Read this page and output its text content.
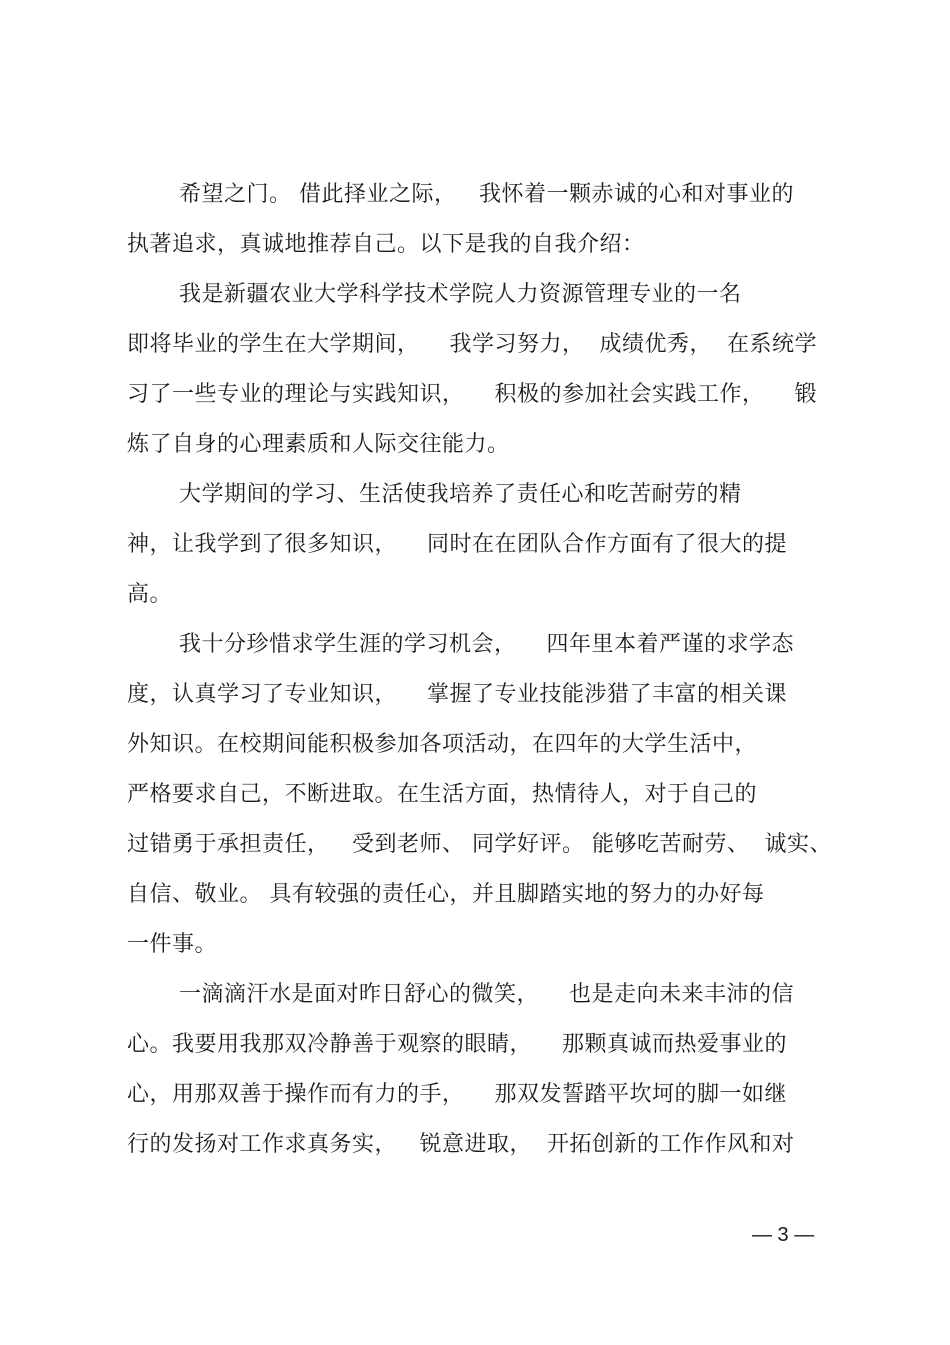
希望之门。 借此择业之际，   我怀着一颗赤诚的心和对事业的
执著追求，真诚地推荐自己。以下是我的自我介绍：
我是新疆农业大学科学技术学院人力资源管理专业的一名
即将毕业的学生在大学期间，    我学习努力，  成绩优秀，  在系统学
习了一些专业的理论与实践知识，    积极的参加社会实践工作，    锻
炼了自身的心理素质和人际交往能力。
大学期间的学习、生活使我培养了责任心和吃苦耐劳的精
神，让我学到了很多知识，    同时在在团队合作方面有了很大的提
高。
我十分珍惜求学生涯的学习机会，    四年里本着严谨的求学态
度，认真学习了专业知识，    掌握了专业技能涉猎了丰富的相关课
外知识。在校期间能积极参加各项活动，在四年的大学生活中，
严格要求自己，不断进取。在生活方面，热情待人，对于自己的
过错勇于承担责任，   受到老师、 同学好评。 能够吃苦耐劳、  诚实、
自信、敬业。 具有较强的责任心，并且脚踏实地的努力的办好每
一件事。
一滴滴汗水是面对昨日舒心的微笑，    也是走向未来丰沛的信
心。我要用我那双冷静善于观察的眼睛，    那颗真诚而热爱事业的
心，用那双善于操作而有力的手，    那双发誓踏平坎坷的脚一如继
行的发扬对工作求真务实，   锐意进取，  开拓创新的工作作风和对
— 3 —
